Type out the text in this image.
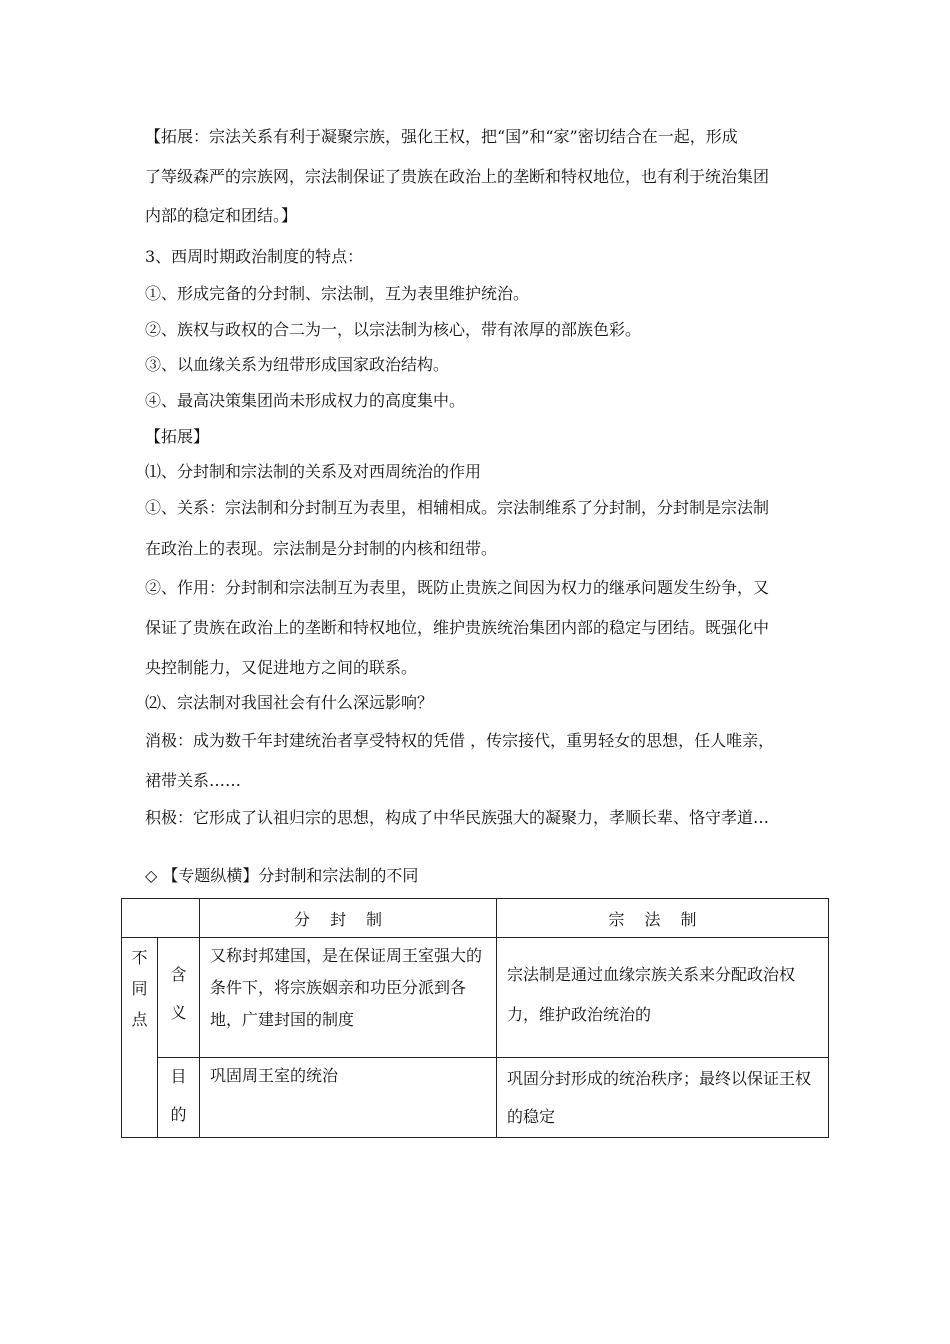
【拓展：宗法关系有利于凝聚宗族，强化王权，把“国”和“家”密切结合在一起，形成
了等级森严的宗族网，宗法制保证了贵族在政治上的垄断和特权地位，也有利于统治集团
内部的稳定和团结。】
3、西周时期政治制度的特点：
①、形成完备的分封制、宗法制，互为表里维护统治。
②、族权与政权的合二为一，以宗法制为核心，带有浓厚的部族色彩。
③、以血缘关系为纽带形成国家政治结构。
④、最高决策集团尚未形成权力的高度集中。
【拓展】
⑴、分封制和宗法制的关系及对西周统治的作用
①、关系：宗法制和分封制互为表里，相辅相成。宗法制维系了分封制，分封制是宗法制
在政治上的表现。宗法制是分封制的内核和纽带。
②、作用：分封制和宗法制互为表里，既防止贵族之间因为权力的继承问题发生纷争，又
保证了贵族在政治上的垄断和特权地位，维护贵族统治集团内部的稳定与团结。既强化中
央控制能力，又促进地方之间的联系。
⑵、宗法制对我国社会有什么深远影响？
消极：成为数千年封建统治者享受特权的凭借 ，传宗接代，重男轻女的思想，任人唯亲，
裙带关系……
积极：它形成了认祖归宗的思想，构成了中华民族强大的凝聚力，孝顺长辈、恪守孝道…
◇ 【专题纵横】分封制和宗法制的不同
		分封制	宗法制

不同点	含义	又称封邦建国，是在保证周王室强大的条件下，将宗族姻亲和功臣分派到各地，广建封国的制度	宗法制是通过血缘宗族关系来分配政治权力，维护政治统治的

	目的	巩固周王室的统治	巩固分封形成的统治秩序；最终以保证王权的稳定
